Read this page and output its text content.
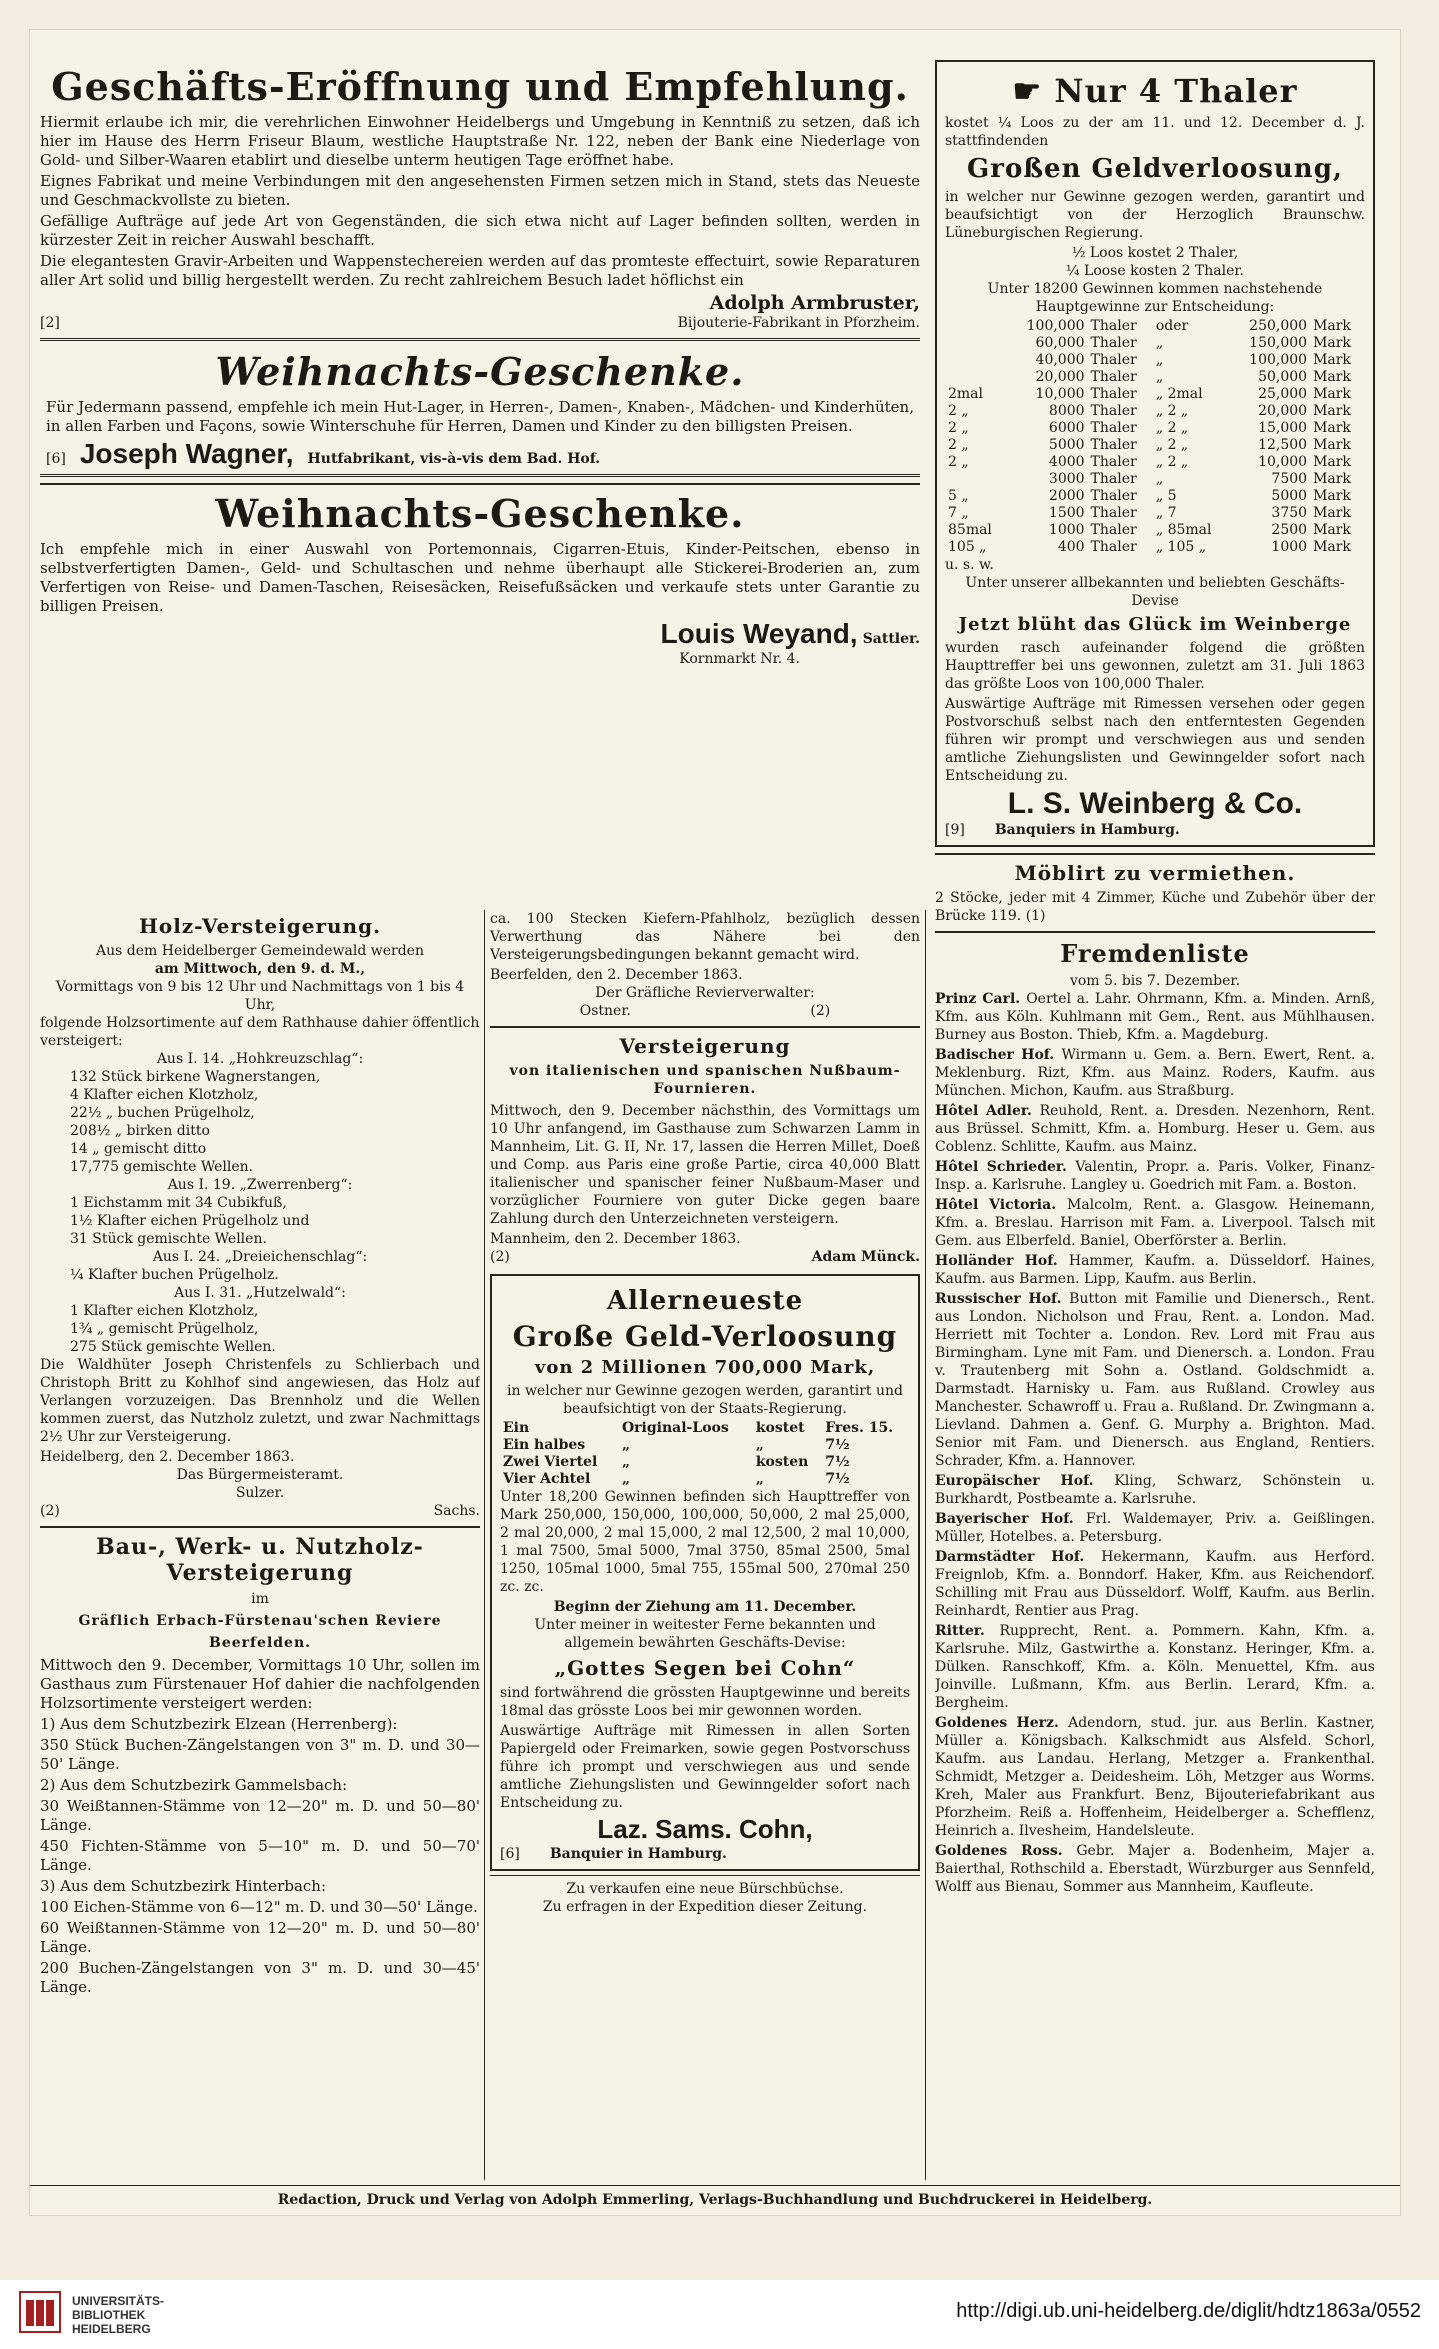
Geschäfts-Eröffnung und Empfehlung.

Hiermit erlaube ich mir, die verehrlichen Einwohner Heidelbergs und Umgebung in Kenntniß zu setzen, daß ich hier im Hause des Herrn Friseur Blaum, westliche Hauptstraße Nr. 122, neben der Bank eine Niederlage von Gold- und Silber-Waaren etablirt und dieselbe unterm heutigen Tage eröffnet habe.

Eignes Fabrikat und meine Verbindungen mit den angesehensten Firmen setzen mich in Stand, stets das Neueste und Geschmackvollste zu bieten.

Gefällige Aufträge auf jede Art von Gegenständen, die sich etwa nicht auf Lager befinden sollten, werden in kürzester Zeit in reicher Auswahl beschafft.

Die elegantesten Gravir-Arbeiten und Wappenstechereien werden auf das promteste effectuirt, sowie Reparaturen aller Art solid und billig hergestellt werden. Zu recht zahlreichem Besuch ladet höflichst ein

Adolph Armbruster,
[2]	Bijouterie-Fabrikant in Pforzheim.
Weihnachts-Geschenke.

Für Jedermann passend, empfehle ich mein Hut-Lager, in Herren-, Damen-, Knaben-, Mädchen- und Kinderhüten, in allen Farben und Façons, sowie Winterschuhe für Herren, Damen und Kinder zu den billigsten Preisen.

[6] Joseph Wagner, Hutfabrikant, vis-à-vis dem Bad. Hof.
Weihnachts-Geschenke.

Ich empfehle mich in einer Auswahl von Portemonnais, Cigarren-Etuis, Kinder-Peitschen, ebenso in selbstverfertigten Damen-, Geld- und Schultaschen und nehme überhaupt alle Stickerei-Broderien an, zum Verfertigen von Reise- und Damen-Taschen, Reisesäcken, Reisefußsäcken und verkaufe stets unter Garantie zu billigen Preisen.

Louis Weyand, Sattler.
Kornmarkt Nr. 4.
☛ Nur 4 Thaler

kostet ¼ Loos zu der am 11. und 12. December d. J. stattfindenden

Großen Geldverloosung,

in welcher nur Gewinne gezogen werden, garantirt und beaufsichtigt von der Herzoglich Braunschw. Lüneburgischen Regierung.

½ Loos kostet 2 Thaler,
¼ Loose kosten 2 Thaler.

Unter 18200 Gewinnen kommen nachstehende Hauptgewinne zur Entscheidung:

	100,000	Thaler	oder	250,000	Mark
	60,000	Thaler	„	150,000	Mark
	40,000	Thaler	„	100,000	Mark
	20,000	Thaler	„	50,000	Mark
2mal	10,000	Thaler	„ 2mal	25,000	Mark
2 „	8000	Thaler	„ 2 „	20,000	Mark
2 „	6000	Thaler	„ 2 „	15,000	Mark
2 „	5000	Thaler	„ 2 „	12,500	Mark
2 „	4000	Thaler	„ 2 „	10,000	Mark
	3000	Thaler	„	7500	Mark
5 „	2000	Thaler	„ 5	5000	Mark
7 „	1500	Thaler	„ 7	3750	Mark
85mal	1000	Thaler	„ 85mal	2500	Mark
105 „	400	Thaler	„ 105 „	1000	Mark
u. s. w.

Unter unserer allbekannten und beliebten Geschäfts-Devise

Jetzt blüht das Glück im Weinberge

wurden rasch aufeinander folgend die größten Haupttreffer bei uns gewonnen, zuletzt am 31. Juli 1863 das größte Loos von 100,000 Thaler.

Auswärtige Aufträge mit Rimessen versehen oder gegen Postvorschuß selbst nach den entferntesten Gegenden führen wir prompt und verschwiegen aus und senden amtliche Ziehungslisten und Gewinngelder sofort nach Entscheidung zu.

L. S. Weinberg & Co.
[9] Banquiers in Hamburg.
Möblirt zu vermiethen.

2 Stöcke, jeder mit 4 Zimmer, Küche und Zubehör über der Brücke 119. (1)

Fremdenliste
vom 5. bis 7. Dezember.

Prinz Carl. Oertel a. Lahr. Ohrmann, Kfm. a. Minden. Arnß, Kfm. aus Köln. Kuhlmann mit Gem., Rent. aus Mühlhausen. Burney aus Boston. Thieb, Kfm. a. Magdeburg.

Badischer Hof. Wirmann u. Gem. a. Bern. Ewert, Rent. a. Meklenburg. Rizt, Kfm. aus Mainz. Roders, Kaufm. aus München. Michon, Kaufm. aus Straßburg.

Hôtel Adler. Reuhold, Rent. a. Dresden. Nezenhorn, Rent. aus Brüssel. Schmitt, Kfm. a. Homburg. Heser u. Gem. aus Coblenz. Schlitte, Kaufm. aus Mainz.

Hôtel Schrieder. Valentin, Propr. a. Paris. Volker, Finanz-Insp. a. Karlsruhe. Langley u. Goedrich mit Fam. a. Boston.

Hôtel Victoria. Malcolm, Rent. a. Glasgow. Heinemann, Kfm. a. Breslau. Harrison mit Fam. a. Liverpool. Talsch mit Gem. aus Elberfeld. Baniel, Oberförster a. Berlin.

Holländer Hof. Hammer, Kaufm. a. Düsseldorf. Haines, Kaufm. aus Barmen. Lipp, Kaufm. aus Berlin.

Russischer Hof. Button mit Familie und Dienersch., Rent. aus London. Nicholson und Frau, Rent. a. London. Mad. Herriett mit Tochter a. London. Rev. Lord mit Frau aus Birmingham. Lyne mit Fam. und Dienersch. a. London. Frau v. Trautenberg mit Sohn a. Ostland. Goldschmidt a. Darmstadt. Harnisky u. Fam. aus Rußland. Crowley aus Manchester. Schawroff u. Frau a. Rußland. Dr. Zwingmann a. Lievland. Dahmen a. Genf. G. Murphy a. Brighton. Mad. Senior mit Fam. und Dienersch. aus England, Rentiers. Schrader, Kfm. a. Hannover.

Europäischer Hof. Kling, Schwarz, Schönstein u. Burkhardt, Postbeamte a. Karlsruhe.

Bayerischer Hof. Frl. Waldemayer, Priv. a. Geißlingen. Müller, Hotelbes. a. Petersburg.

Darmstädter Hof. Hekermann, Kaufm. aus Herford. Freignlob, Kfm. a. Bonndorf. Haker, Kfm. aus Reichendorf. Schilling mit Frau aus Düsseldorf. Wolff, Kaufm. aus Berlin. Reinhardt, Rentier aus Prag.

Ritter. Rupprecht, Rent. a. Pommern. Kahn, Kfm. a. Karlsruhe. Milz, Gastwirthe a. Konstanz. Heringer, Kfm. a. Dülken. Ranschkoff, Kfm. a. Köln. Menuettel, Kfm. aus Joinville. Lußmann, Kfm. aus Berlin. Lerard, Kfm. a. Bergheim.

Goldenes Herz. Adendorn, stud. jur. aus Berlin. Kastner, Müller a. Königsbach. Kalkschmidt aus Alsfeld. Schorl, Kaufm. aus Landau. Herlang, Metzger a. Frankenthal. Schmidt, Metzger a. Deidesheim. Löh, Metzger aus Worms. Kreh, Maler aus Frankfurt. Benz, Bijouteriefabrikant aus Pforzheim. Reiß a. Hoffenheim, Heidelberger a. Schefflenz, Heinrich a. Ilvesheim, Handelsleute.

Goldenes Ross. Gebr. Majer a. Bodenheim, Majer a. Baierthal, Rothschild a. Eberstadt, Würzburger aus Sennfeld, Wolff aus Bienau, Sommer aus Mannheim, Kaufleute.

Holz-Versteigerung.
Aus dem Heidelberger Gemeindewald werden
am Mittwoch, den 9. d. M.,
Vormittags von 9 bis 12 Uhr und Nachmittags von 1 bis 4 Uhr,
folgende Holzsortimente auf dem Rathhause dahier öffentlich versteigert:
Aus I. 14. „Hohkreuzschlag“:
132 Stück birkene Wagnerstangen,
4 Klafter eichen Klotzholz,
22½ „ buchen Prügelholz,
208½ „ birken ditto
14 „ gemischt ditto
17,775 gemischte Wellen.
Aus I. 19. „Zwerrenberg“:
1 Eichstamm mit 34 Cubikfuß,
1½ Klafter eichen Prügelholz und
31 Stück gemischte Wellen.
Aus I. 24. „Dreieichenschlag“:
¼ Klafter buchen Prügelholz.
Aus I. 31. „Hutzelwald“:
1 Klafter eichen Klotzholz,
1¾ „ gemischt Prügelholz,
275 Stück gemischte Wellen.

Die Waldhüter Joseph Christenfels zu Schlierbach und Christoph Britt zu Kohlhof sind angewiesen, das Holz auf Verlangen vorzuzeigen. Das Brennholz und die Wellen kommen zuerst, das Nutzholz zuletzt, und zwar Nachmittags 2½ Uhr zur Versteigerung.

Heidelberg, den 2. December 1863.
Das Bürgermeisteramt.
Sulzer.
(2)	Sachs.
Bau-, Werk- u. Nutzholz-Versteigerung
im
Gräflich Erbach-Fürstenau'schen Reviere
Beerfelden.

Mittwoch den 9. December, Vormittags 10 Uhr, sollen im Gasthaus zum Fürstenauer Hof dahier die nachfolgenden Holzsortimente versteigert werden:

1) Aus dem Schutzbezirk Elzean (Herrenberg):
350 Stück Buchen-Zängelstangen von 3" m. D. und 30—50' Länge.
2) Aus dem Schutzbezirk Gammelsbach:
30 Weißtannen-Stämme von 12—20" m. D. und 50—80' Länge.
450 Fichten-Stämme von 5—10" m. D. und 50—70' Länge.
3) Aus dem Schutzbezirk Hinterbach:
100 Eichen-Stämme von 6—12" m. D. und 30—50' Länge.
60 Weißtannen-Stämme von 12—20" m. D. und 50—80' Länge.
200 Buchen-Zängelstangen von 3" m. D. und 30—45' Länge.

ca. 100 Stecken Kiefern-Pfahlholz, bezüglich dessen Verwerthung das Nähere bei den Versteigerungsbedingungen bekannt gemacht wird.

Beerfelden, den 2. December 1863.
Der Gräfliche Revierverwalter:
Ostner.	(2)
Versteigerung
von italienischen und spanischen Nußbaum-Fournieren.

Mittwoch, den 9. December nächsthin, des Vormittags um 10 Uhr anfangend, im Gasthause zum Schwarzen Lamm in Mannheim, Lit. G. II, Nr. 17, lassen die Herren Millet, Doeß und Comp. aus Paris eine große Partie, circa 40,000 Blatt italienischer und spanischer feiner Nußbaum-Maser und vorzüglicher Fourniere von guter Dicke gegen baare Zahlung durch den Unterzeichneten versteigern.

Mannheim, den 2. December 1863.
(2)	Adam Münck.
Allerneueste
Große Geld-Verloosung
von 2 Millionen 700,000 Mark,

in welcher nur Gewinne gezogen werden, garantirt und beaufsichtigt von der Staats-Regierung.

Ein	Original-Loos	kostet	Fres. 15.
Ein halbes	„	„	7½
Zwei Viertel	„	kosten	7½
Vier Achtel	„	„	7½

Unter 18,200 Gewinnen befinden sich Haupttreffer von Mark 250,000, 150,000, 100,000, 50,000, 2 mal 25,000, 2 mal 20,000, 2 mal 15,000, 2 mal 12,500, 2 mal 10,000, 1 mal 7500, 5mal 5000, 7mal 3750, 85mal 2500, 5mal 1250, 105mal 1000, 5mal 755, 155mal 500, 270mal 250 zc. zc.

Beginn der Ziehung am 11. December.

Unter meiner in weitester Ferne bekannten und allgemein bewährten Geschäfts-Devise:

„Gottes Segen bei Cohn“

sind fortwährend die grössten Hauptgewinne und bereits 18mal das grösste Loos bei mir gewonnen worden.

Auswärtige Aufträge mit Rimessen in allen Sorten Papiergeld oder Freimarken, sowie gegen Postvorschuss führe ich prompt und verschwiegen aus und sende amtliche Ziehungslisten und Gewinngelder sofort nach Entscheidung zu.

Laz. Sams. Cohn,
[6] Banquier in Hamburg.
Zu verkaufen eine neue Bürschbüchse.
Zu erfragen in der Expedition dieser Zeitung.
Redaction, Druck und Verlag von Adolph Emmerling, Verlags-Buchhandlung und Buchdruckerei in Heidelberg.
UNIVERSITÄTS-
BIBLIOTHEK
HEIDELBERG
http://digi.ub.uni-heidelberg.de/diglit/hdtz1863a/0552
